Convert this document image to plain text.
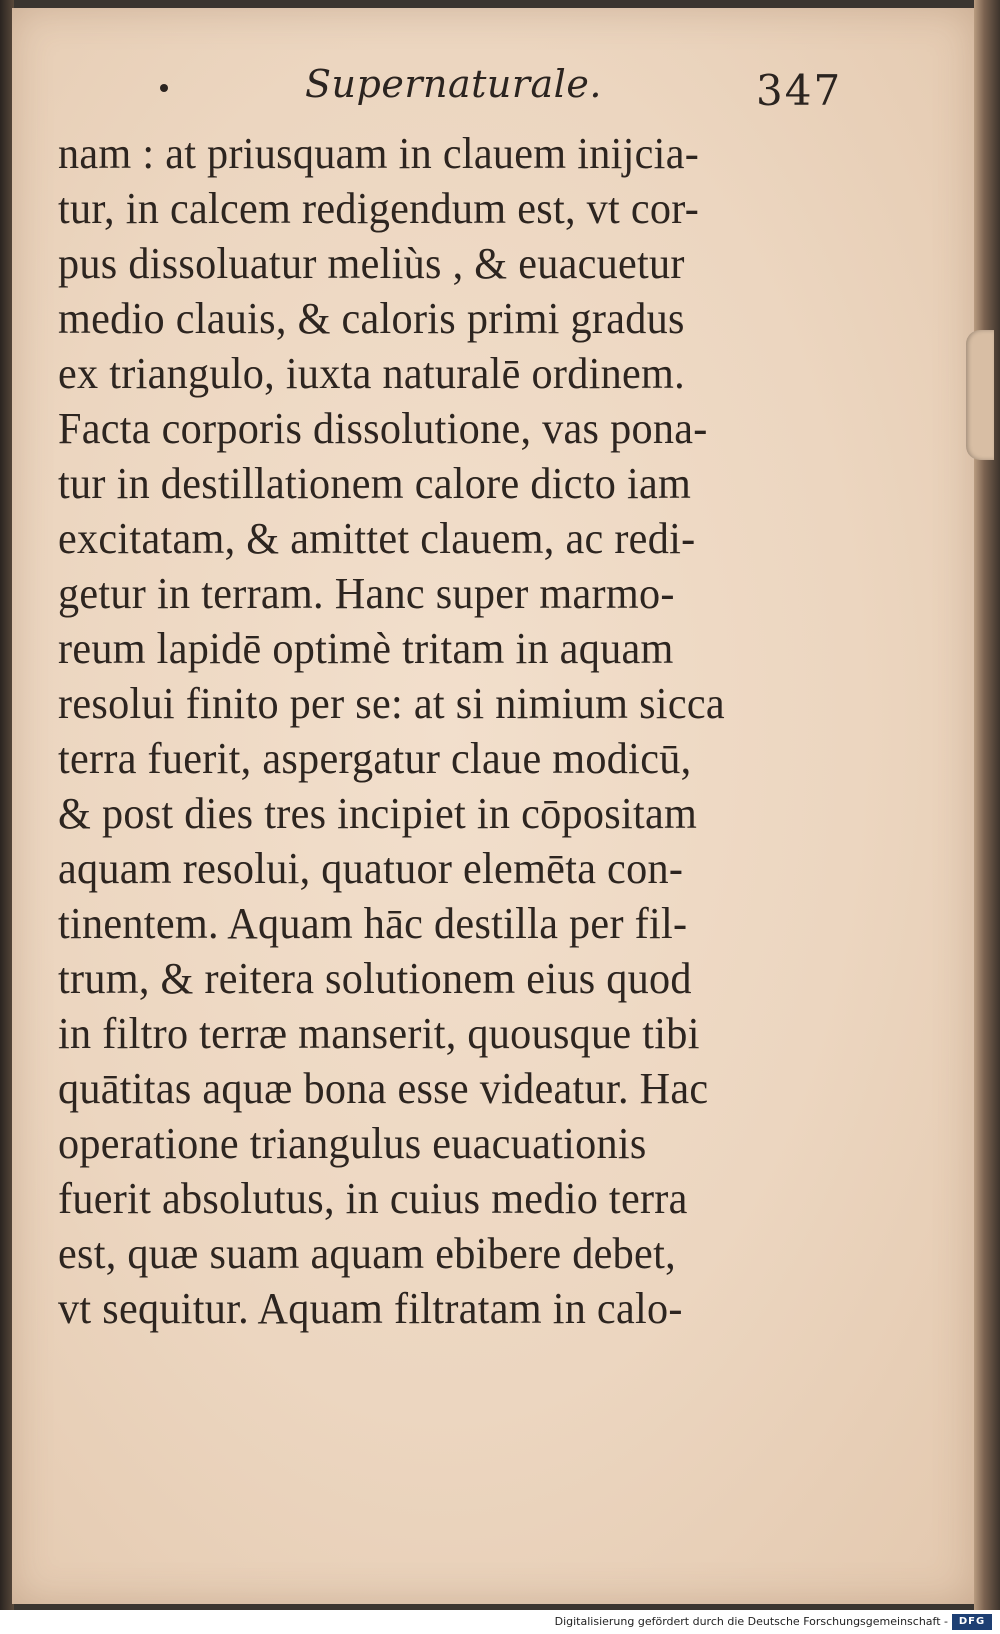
Supernaturale.	347
nam : at priusquam in clauem inijcia-
tur, in calcem redigendum est, vt cor-
pus dissoluatur meliùs , & euacuetur
medio clauis, & caloris primi gradus
ex triangulo, iuxta naturalē ordinem.
Facta corporis dissolutione, vas pona-
tur in destillationem calore dicto iam
excitatam, & amittet clauem, ac redi-
getur in terram. Hanc super marmo-
reum lapidē optimè tritam in aquam
resolui finito per se: at si nimium sicca
terra fuerit, aspergatur claue modicū,
& post dies tres incipiet in cōpositam
aquam resolui, quatuor elemēta con-
tinentem. Aquam hāc destilla per fil-
trum, & reitera solutionem eius quod
in filtro terræ manserit, quousque tibi
quātitas aquæ bona esse videatur. Hac
operatione triangulus euacuationis
fuerit absolutus, in cuius medio terra
est, quæ suam aquam ebibere debet,
vt sequitur. Aquam filtratam in calo-
Digitalisierung gefördert durch die Deutsche Forschungsgemeinschaft -	DFG
